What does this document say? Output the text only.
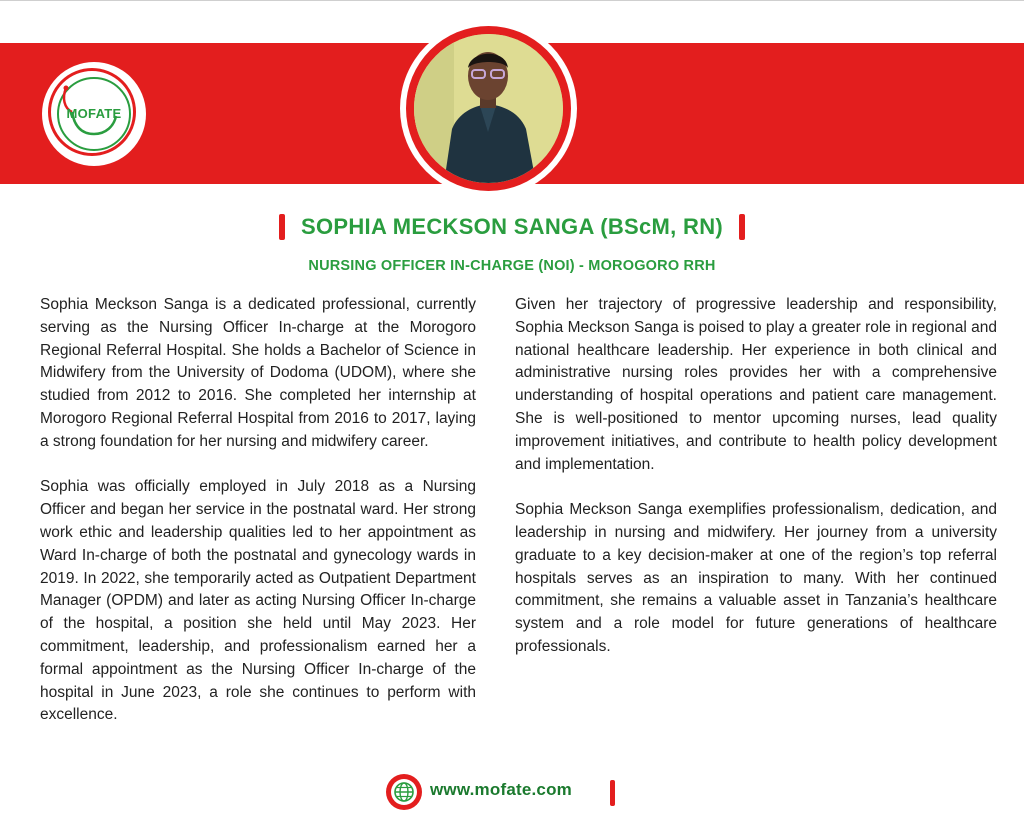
MOFATE
SOPHIA MECKSON SANGA (BScM, RN)
NURSING OFFICER IN-CHARGE (NOI) - MOROGORO RRH

Sophia Meckson Sanga is a dedicated professional, currently serving as the Nursing Officer In-charge at the Morogoro Regional Referral Hospital. She holds a Bachelor of Science in Midwifery from the University of Dodoma (UDOM), where she studied from 2012 to 2016. She completed her internship at Morogoro Regional Referral Hospital from 2016 to 2017, laying a strong foundation for her nursing and midwifery career.

Sophia was officially employed in July 2018 as a Nursing Officer and began her service in the postnatal ward. Her strong work ethic and leadership qualities led to her appointment as Ward In-charge of both the postnatal and gynecology wards in 2019. In 2022, she temporarily acted as Outpatient Department Manager (OPDM) and later as acting Nursing Officer In-charge of the hospital, a position she held until May 2023. Her commitment, leadership, and professionalism earned her a formal appointment as the Nursing Officer In-charge of the hospital in June 2023, a role she continues to perform with excellence.

Given her trajectory of progressive leadership and responsibility, Sophia Meckson Sanga is poised to play a greater role in regional and national healthcare leadership. Her experience in both clinical and administrative nursing roles provides her with a comprehensive understanding of hospital operations and patient care management. She is well-positioned to mentor upcoming nurses, lead quality improvement initiatives, and contribute to health policy development and implementation.

Sophia Meckson Sanga exemplifies professionalism, dedication, and leadership in nursing and midwifery. Her journey from a university graduate to a key decision-maker at one of the region’s top referral hospitals serves as an inspiration to many. With her continued commitment, she remains a valuable asset in Tanzania’s healthcare system and a role model for future generations of healthcare professionals.

www.mofate.com
